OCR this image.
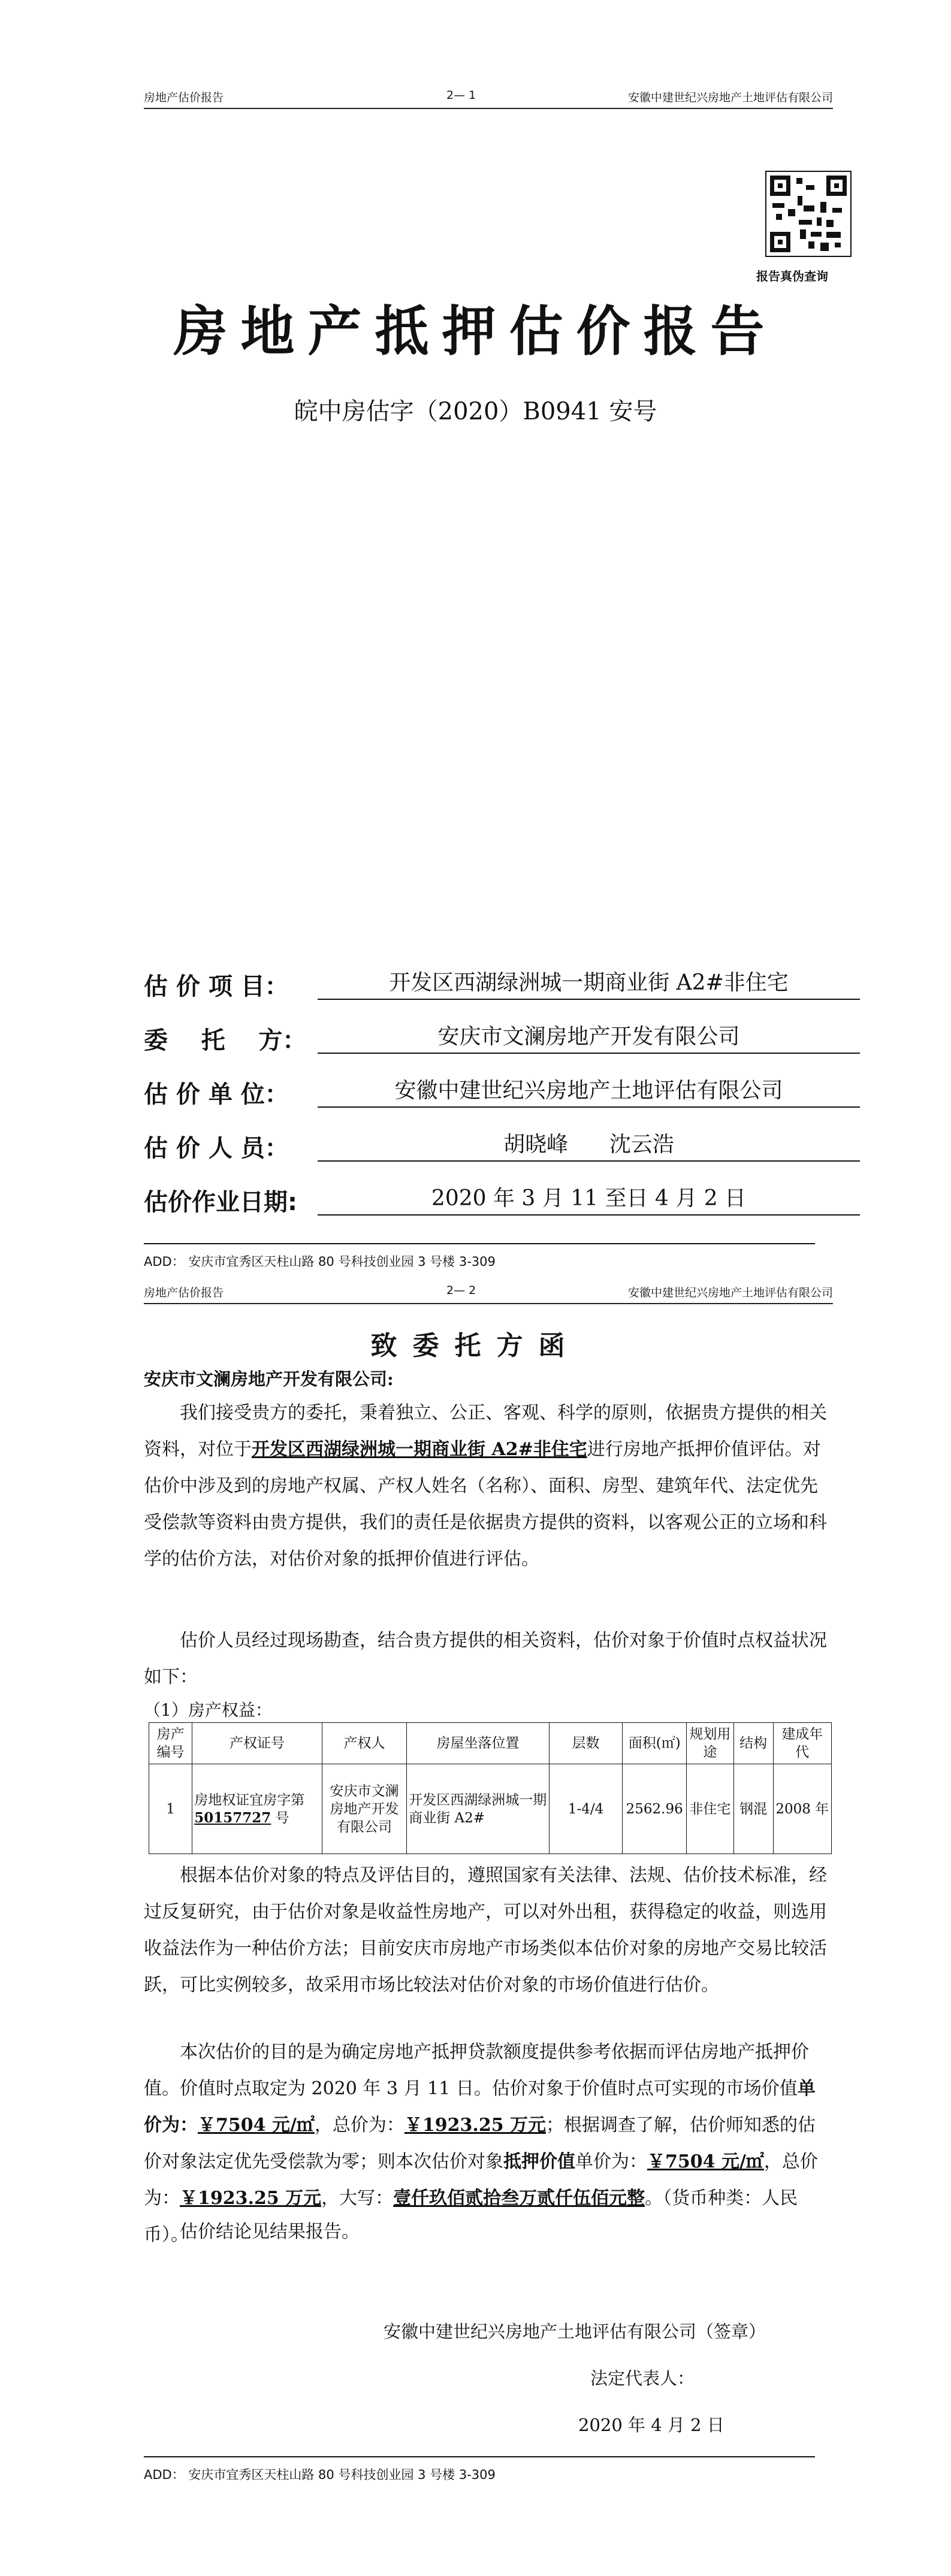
房地产估价报告	2— 1	安徽中建世纪兴房地产土地评估有限公司
报告真伪查询
房地产抵押估价报告
皖中房估字（2020）B0941 安号
估 价 项 目：	开发区西湖绿洲城一期商业街 A2#非住宅
委    托    方：	安庆市文澜房地产开发有限公司
估 价 单 位：	安徽中建世纪兴房地产土地评估有限公司
估 价 人 员：	胡晓峰      沈云浩
估价作业日期:	2020 年 3 月 11 至日 4 月 2 日
ADD： 安庆市宜秀区天柱山路 80 号科技创业园 3 号楼 3-309
房地产估价报告	2— 2	安徽中建世纪兴房地产土地评估有限公司
致委托方函
安庆市文澜房地产开发有限公司:
我们接受贵方的委托，秉着独立、公正、客观、科学的原则，依据贵方提供的相关资料，对位于开发区西湖绿洲城一期商业街 A2#非住宅进行房地产抵押价值评估。对估价中涉及到的房地产权属、产权人姓名（名称）、面积、房型、建筑年代、法定优先受偿款等资料由贵方提供，我们的责任是依据贵方提供的资料，以客观公正的立场和科学的估价方法，对估价对象的抵押价值进行评估。
估价人员经过现场勘查，结合贵方提供的相关资料，估价对象于价值时点权益状况如下：
（1）房产权益：
房产编号	产权证号	产权人	房屋坐落位置	层数	面积(㎡)	规划用途	结构	建成年代
1	房地权证宜房字第 50157727 号	安庆市文澜房地产开发有限公司	开发区西湖绿洲城一期商业街 A2#	1-4/4	2562.96	非住宅	钢混	2008 年
根据本估价对象的特点及评估目的，遵照国家有关法律、法规、估价技术标准，经过反复研究，由于估价对象是收益性房地产，可以对外出租，获得稳定的收益，则选用收益法作为一种估价方法；目前安庆市房地产市场类似本估价对象的房地产交易比较活跃，可比实例较多，故采用市场比较法对估价对象的市场价值进行估价。
本次估价的目的是为确定房地产抵押贷款额度提供参考依据而评估房地产抵押价值。价值时点取定为 2020 年 3 月 11 日。估价对象于价值时点可实现的市场价值单价为：￥7504 元/㎡，总价为：￥1923.25 万元；根据调查了解，估价师知悉的估价对象法定优先受偿款为零；则本次估价对象抵押价值单价为：￥7504 元/㎡，总价为：￥1923.25 万元，大写：壹仟玖佰贰拾叁万贰仟伍佰元整。（货币种类：人民币）。
估价结论见结果报告。
安徽中建世纪兴房地产土地评估有限公司（签章）
法定代表人：
2020 年 4 月 2 日
ADD： 安庆市宜秀区天柱山路 80 号科技创业园 3 号楼 3-309
